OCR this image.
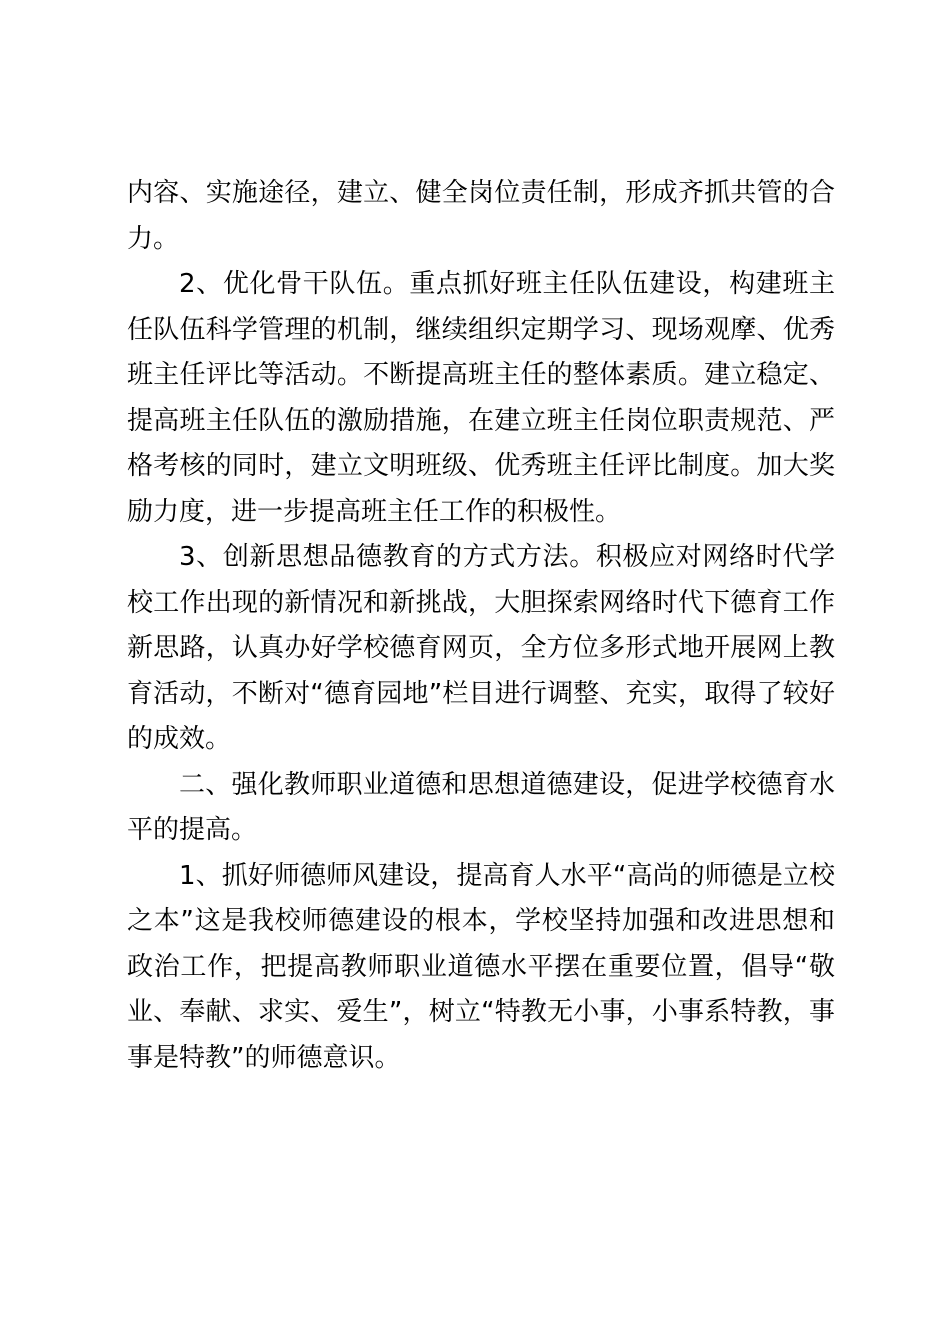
内容、实施途径，建立、健全岗位责任制，形成齐抓共管的合力。

2、优化骨干队伍。重点抓好班主任队伍建设，构建班主任队伍科学管理的机制，继续组织定期学习、现场观摩、优秀班主任评比等活动。不断提高班主任的整体素质。建立稳定、提高班主任队伍的激励措施，在建立班主任岗位职责规范、严格考核的同时，建立文明班级、优秀班主任评比制度。加大奖励力度，进一步提高班主任工作的积极性。

3、创新思想品德教育的方式方法。积极应对网络时代学校工作出现的新情况和新挑战，大胆探索网络时代下德育工作新思路，认真办好学校德育网页，全方位多形式地开展网上教育活动，不断对“德育园地”栏目进行调整、充实，取得了较好的成效。

二、强化教师职业道德和思想道德建设，促进学校德育水平的提高。

1、抓好师德师风建设，提高育人水平“高尚的师德是立校之本”这是我校师德建设的根本，学校坚持加强和改进思想和政治工作，把提高教师职业道德水平摆在重要位置，倡导“敬业、奉献、求实、爱生”，树立“特教无小事，小事系特教，事事是特教”的师德意识。
